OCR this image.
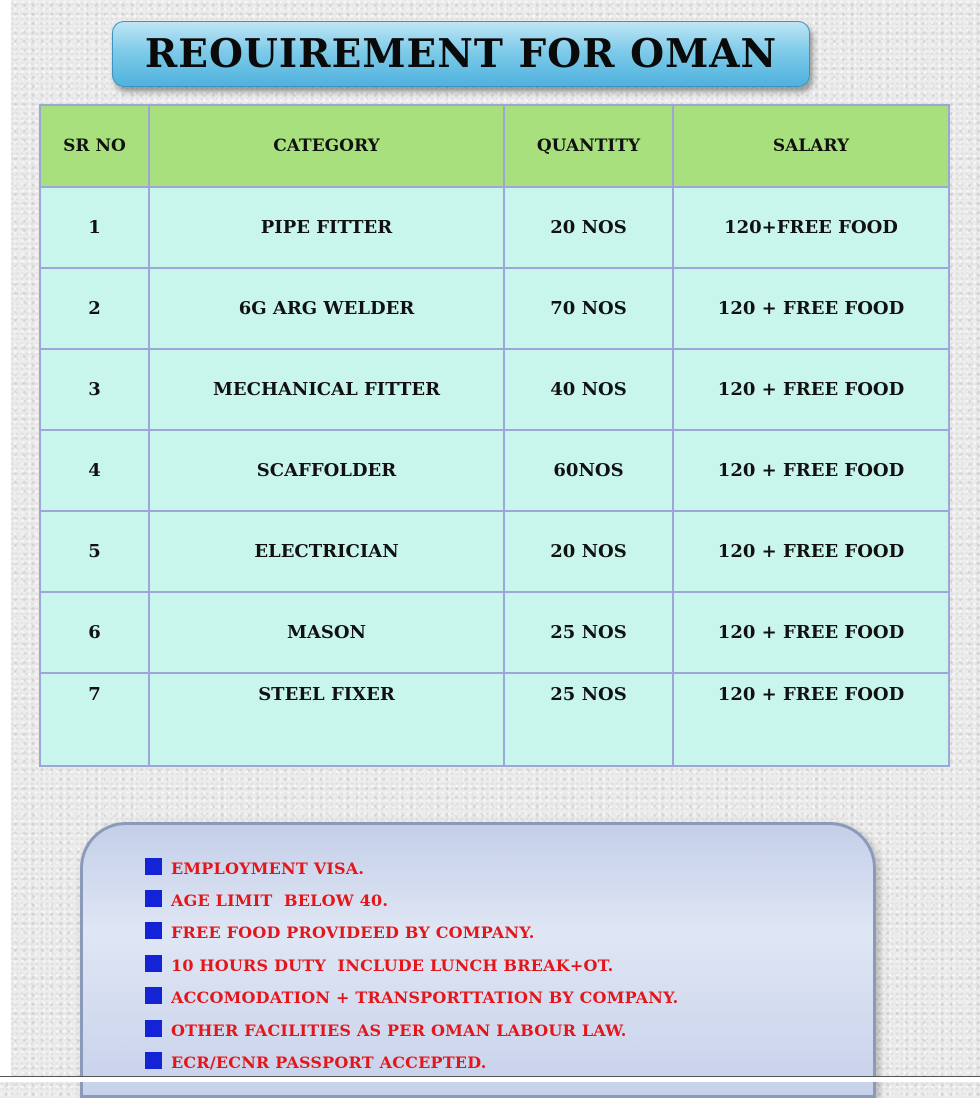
REOUIREMENT FOR OMAN
SR NO	CATEGORY	QUANTITY	SALARY
1	PIPE FITTER	20 NOS	120+FREE FOOD
2	6G ARG WELDER	70 NOS	120 + FREE FOOD
3	MECHANICAL FITTER	40 NOS	120 + FREE FOOD
4	SCAFFOLDER	60NOS	120 + FREE FOOD
5	ELECTRICIAN	20 NOS	120 + FREE FOOD
6	MASON	25 NOS	120 + FREE FOOD
7	STEEL FIXER	25 NOS	120 + FREE FOOD
EMPLOYMENT VISA.
AGE LIMIT  BELOW 40.
FREE FOOD PROVIDEED BY COMPANY.
10 HOURS DUTY  INCLUDE LUNCH BREAK+OT.
ACCOMODATION + TRANSPORTTATION BY COMPANY.
OTHER FACILITIES AS PER OMAN LABOUR LAW.
ECR/ECNR PASSPORT ACCEPTED.
